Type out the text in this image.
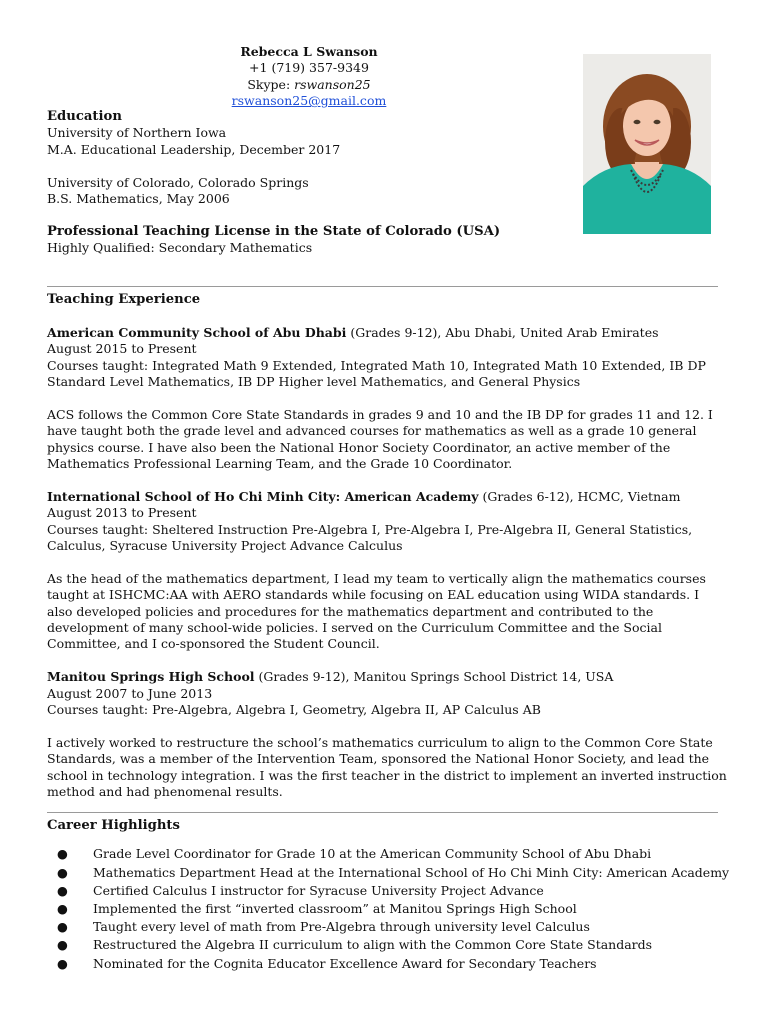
Rebecca L Swanson
+1 (719) 357-9349
Skype: rswanson25
rswanson25@gmail.com
Education
University of Northern Iowa
M.A. Educational Leadership, December 2017
University of Colorado, Colorado Springs
B.S. Mathematics, May 2006
Professional Teaching License in the State of Colorado (USA)
Highly Qualified: Secondary Mathematics
Teaching Experience
American Community School of Abu Dhabi (Grades 9-12), Abu Dhabi, United Arab Emirates
August 2015 to Present

Courses taught: Integrated Math 9 Extended, Integrated Math 10, Integrated Math 10 Extended, IB DP Standard Level Mathematics, IB DP Higher level Mathematics, and General Physics

ACS follows the Common Core State Standards in grades 9 and 10 and the IB DP for grades 11 and 12. I have taught both the grade level and advanced courses for mathematics as well as a grade 10 general physics course. I have also been the National Honor Society Coordinator, an active member of the Mathematics Professional Learning Team, and the Grade 10 Coordinator.

International School of Ho Chi Minh City: American Academy (Grades 6-12), HCMC, Vietnam
August 2013 to Present

Courses taught: Sheltered Instruction Pre-Algebra I, Pre-Algebra I, Pre-Algebra II, General Statistics, Calculus, Syracuse University Project Advance Calculus

As the head of the mathematics department, I lead my team to vertically align the mathematics courses taught at ISHCMC:AA with AERO standards while focusing on EAL education using WIDA standards. I also developed policies and procedures for the mathematics department and contributed to the development of many school-wide policies. I served on the Curriculum Committee and the Social Committee, and I co-sponsored the Student Council.

Manitou Springs High School (Grades 9-12), Manitou Springs School District 14, USA
August 2007 to June 2013

Courses taught: Pre-Algebra, Algebra I, Geometry, Algebra II, AP Calculus AB

I actively worked to restructure the school’s mathematics curriculum to align to the Common Core State Standards, was a member of the Intervention Team, sponsored the National Honor Society, and lead the school in technology integration. I was the first teacher in the district to implement an inverted instruction method and had phenomenal results.

Career Highlights
● Grade Level Coordinator for Grade 10 at the American Community School of Abu Dhabi
● Mathematics Department Head at the International School of Ho Chi Minh City: American Academy
● Certified Calculus I instructor for Syracuse University Project Advance
● Implemented the first “inverted classroom” at Manitou Springs High School
● Taught every level of math from Pre-Algebra through university level Calculus
● Restructured the Algebra II curriculum to align with the Common Core State Standards
● Nominated for the Cognita Educator Excellence Award for Secondary Teachers
